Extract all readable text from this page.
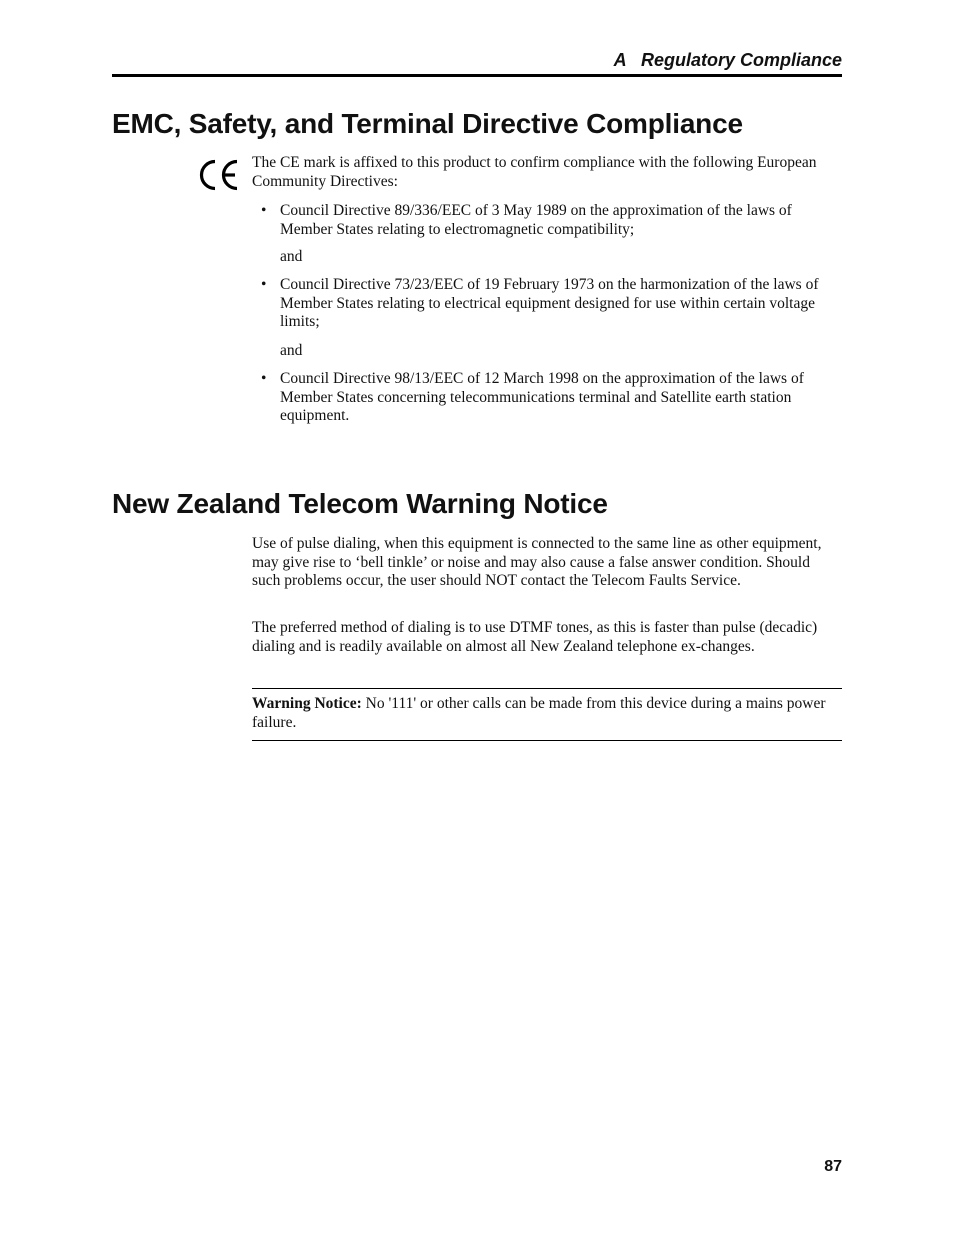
A   Regulatory Compliance
EMC, Safety, and Terminal Directive Compliance

The CE mark is affixed to this product to confirm compliance with the following European Community Directives:

• Council Directive 89/336/EEC of 3 May 1989 on the approximation of the laws of Member States relating to electromagnetic compatibility;

and
• Council Directive 73/23/EEC of 19 February 1973 on the harmonization of the laws of Member States relating to electrical equipment designed for use within certain voltage limits;

and
• Council Directive 98/13/EEC of 12 March 1998 on the approximation of the laws of Member States concerning telecommunications terminal and Satellite earth station equipment.

New Zealand Telecom Warning Notice

Use of pulse dialing, when this equipment is connected to the same line as other equipment, may give rise to ‘bell tinkle’ or noise and may also cause a false answer condition. Should such problems occur, the user should NOT contact the Telecom Faults Service.

The preferred method of dialing is to use DTMF tones, as this is faster than pulse (decadic) dialing and is readily available on almost all New Zealand telephone ex-changes.

Warning Notice: No '111' or other calls can be made from this device during a mains power failure.

87
